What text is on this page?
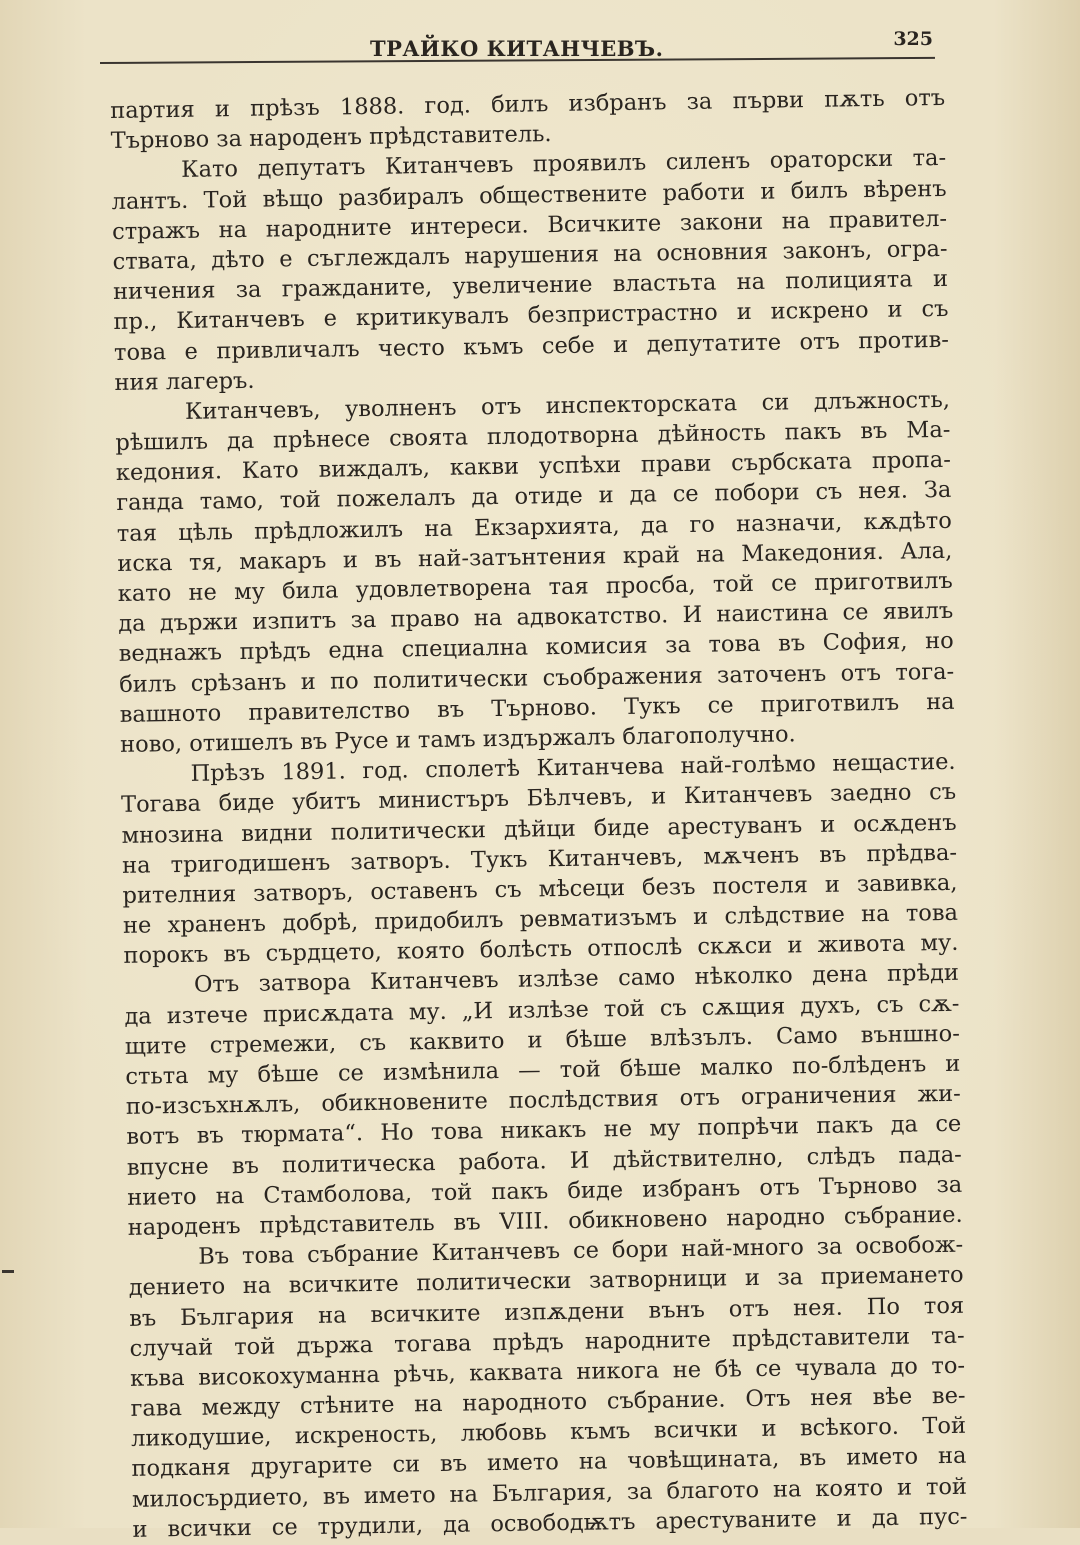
ТРАЙКО КИТАНЧЕВЪ.	325
партия и прѣзъ 1888. год. билъ избранъ за първи пѫть отъ
Търново за народенъ прѣдставитель.
Като депутатъ Китанчевъ проявилъ силенъ ораторски та-
лантъ. Той вѣщо разбиралъ обществените работи и билъ вѣренъ
стражъ на народните интереси. Всичките закони на правител-
ствата, дѣто е съглеждалъ нарушения на основния законъ, огра-
ничения за гражданите, увеличение властьта на полицията и
пр., Китанчевъ е критикувалъ безпристрастно и искрено и съ
това е привличалъ често къмъ себе и депутатите отъ против-
ния лагеръ.
Китанчевъ, уволненъ отъ инспекторската си длъжность,
рѣшилъ да прѣнесе своята плодотворна дѣйность пакъ въ Ма-
кедония. Като виждалъ, какви успѣхи прави сърбската пропа-
ганда тамо, той пожелалъ да отиде и да се побори съ нея. За
тая цѣль прѣдложилъ на Екзархията, да го назначи, кѫдѣто
иска тя, макаръ и въ най-затънтения край на Македония. Ала,
като не му била удовлетворена тая просба, той се приготвилъ
да държи изпитъ за право на адвокатство. И наистина се явилъ
веднажъ прѣдъ една специална комисия за това въ София, но
билъ срѣзанъ и по политически съображения заточенъ отъ тога-
вашното правителство въ Търново. Тукъ се приготвилъ на
ново, отишелъ въ Русе и тамъ издържалъ благополучно.
Прѣзъ 1891. год. сполетѣ Китанчева най-голѣмо нещастие.
Тогава биде убитъ министъръ Бѣлчевъ, и Китанчевъ заедно съ
мнозина видни политически дѣйци биде арестуванъ и осѫденъ
на тригодишенъ затворъ. Тукъ Китанчевъ, мѫченъ въ прѣдва-
рителния затворъ, оставенъ съ мѣсеци безъ постеля и завивка,
не храненъ добрѣ, придобилъ ревматизъмъ и слѣдствие на това
порокъ въ сърдцето, която болѣсть отпослѣ скѫси и живота му.
Отъ затвора Китанчевъ излѣзе само нѣколко дена прѣди
да изтече присѫдата му. „И излѣзе той съ сѫщия духъ, съ сѫ-
щите стремежи, съ каквито и бѣше влѣзълъ. Само външно-
стьта му бѣше се измѣнила — той бѣше малко по-блѣденъ и
по-изсъхнѫлъ, обикновените послѣдствия отъ ограничения жи-
вотъ въ тюрмата“. Но това никакъ не му попрѣчи пакъ да се
впусне въ политическа работа. И дѣйствително, слѣдъ пада-
нието на Стамболова, той пакъ биде избранъ отъ Търново за
народенъ прѣдставитель въ VIII. обикновено народно събрание.
Въ това събрание Китанчевъ се бори най-много за освобож-
дението на всичките политически затворници и за приемането
въ България на всичките изпѫдени вънъ отъ нея. По тоя
случай той държа тогава прѣдъ народните прѣдставители та-
къва високохуманна рѣчь, каквата никога не бѣ се чувала до то-
гава между стѣните на народното събрание. Отъ нея вѣе ве-
ликодушие, искреность, любовь къмъ всички и всѣкого. Той
подканя другарите си въ името на човѣщината, въ името на
милосърдието, въ името на България, за благото на която и той
и всички се трудили, да освободѭтъ арестуваните и да пус-
